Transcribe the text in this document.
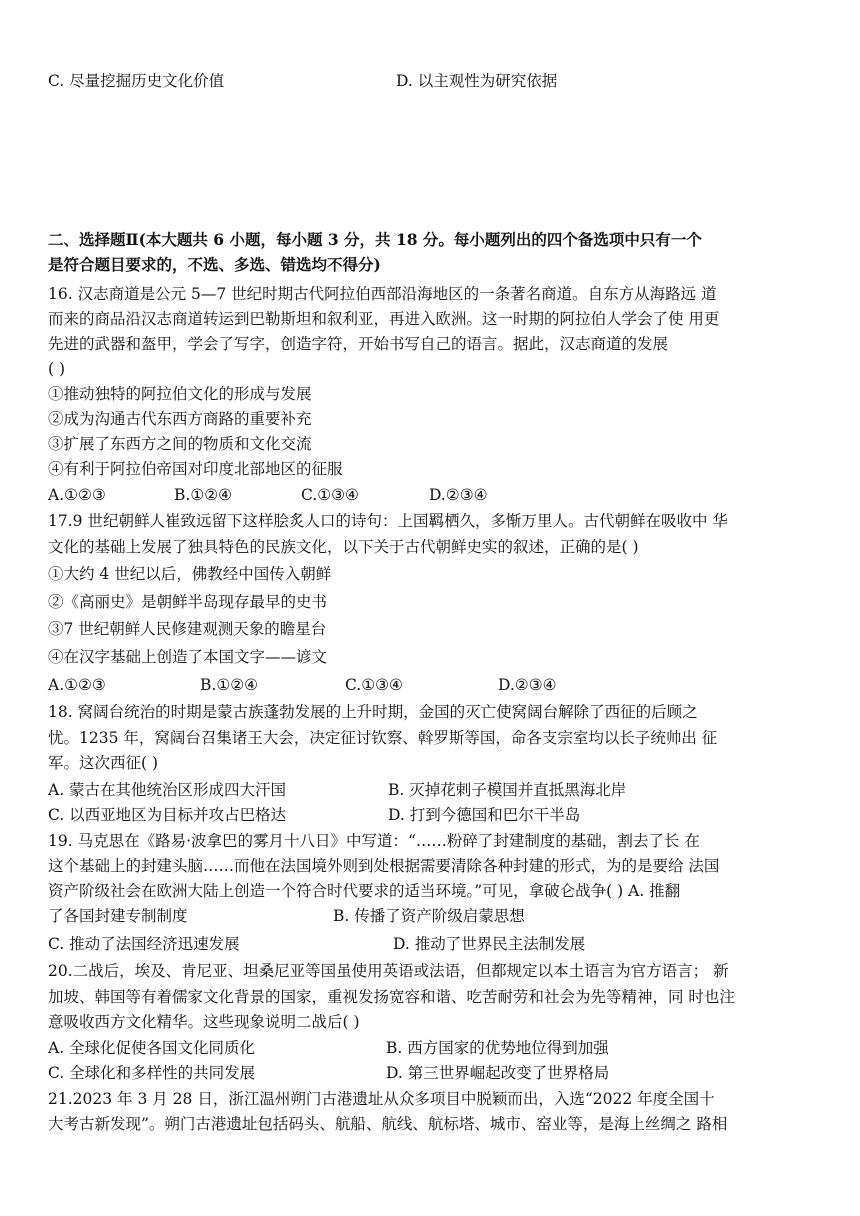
C. 尽量挖掘历史文化价值	D. 以主观性为研究依据
二、选择题Ⅱ(本大题共 6 小题，每小题 3 分，共 18 分。每小题列出的四个备选项中只有一个
是符合题目要求的，不选、多选、错选均不得分)
16. 汉志商道是公元 5—7 世纪时期古代阿拉伯西部沿海地区的一条著名商道。自东方从海路远 道
而来的商品沿汉志商道转运到巴勒斯坦和叙利亚，再进入欧洲。这一时期的阿拉伯人学会了使 用更
先进的武器和盔甲，学会了写字，创造字符，开始书写自己的语言。据此，汉志商道的发展
( )
①推动独特的阿拉伯文化的形成与发展
②成为沟通古代东西方商路的重要补充
③扩展了东西方之间的物质和文化交流
④有利于阿拉伯帝国对印度北部地区的征服
A.①②③	B.①②④	C.①③④	D.②③④
17.9 世纪朝鲜人崔致远留下这样脍炙人口的诗句：上国羁栖久，多惭万里人。古代朝鲜在吸收中 华
文化的基础上发展了独具特色的民族文化，以下关于古代朝鲜史实的叙述，正确的是( )
①大约 4 世纪以后，佛教经中国传入朝鲜
②《高丽史》是朝鲜半岛现存最早的史书
③7 世纪朝鲜人民修建观测天象的瞻星台
④在汉字基础上创造了本国文字——谚文
A.①②③	B.①②④	C.①③④	D.②③④
18. 窝阔台统治的时期是蒙古族蓬勃发展的上升时期，金国的灭亡使窝阔台解除了西征的后顾之
忧。1235 年，窝阔台召集诸王大会，决定征讨钦察、斡罗斯等国，命各支宗室均以长子统帅出 征
军。这次西征( )
A. 蒙古在其他统治区形成四大汗国	B. 灭掉花剌子模国并直抵黑海北岸
C. 以西亚地区为目标并攻占巴格达	D. 打到今德国和巴尔干半岛
19. 马克思在《路易·波拿巴的雾月十八日》中写道：“……粉碎了封建制度的基础，割去了长 在
这个基础上的封建头脑……而他在法国境外则到处根据需要清除各种封建的形式，为的是要给 法国
资产阶级社会在欧洲大陆上创造一个符合时代要求的适当环境。”可见，拿破仑战争( ) A. 推翻
了各国封建专制制度	B. 传播了资产阶级启蒙思想
C. 推动了法国经济迅速发展	D. 推动了世界民主法制发展
20.二战后，埃及、肯尼亚、坦桑尼亚等国虽使用英语或法语，但都规定以本土语言为官方语言； 新
加坡、韩国等有着儒家文化背景的国家，重视发扬宽容和谐、吃苦耐劳和社会为先等精神，同 时也注
意吸收西方文化精华。这些现象说明二战后( )
A. 全球化促使各国文化同质化	B. 西方国家的优势地位得到加强
C. 全球化和多样性的共同发展	D. 第三世界崛起改变了世界格局
21.2023 年 3 月 28 日，浙江温州朔门古港遗址从众多项目中脱颖而出，入选“2022 年度全国十
大考古新发现”。朔门古港遗址包括码头、航船、航线、航标塔、城市、窑业等，是海上丝绸之 路相
